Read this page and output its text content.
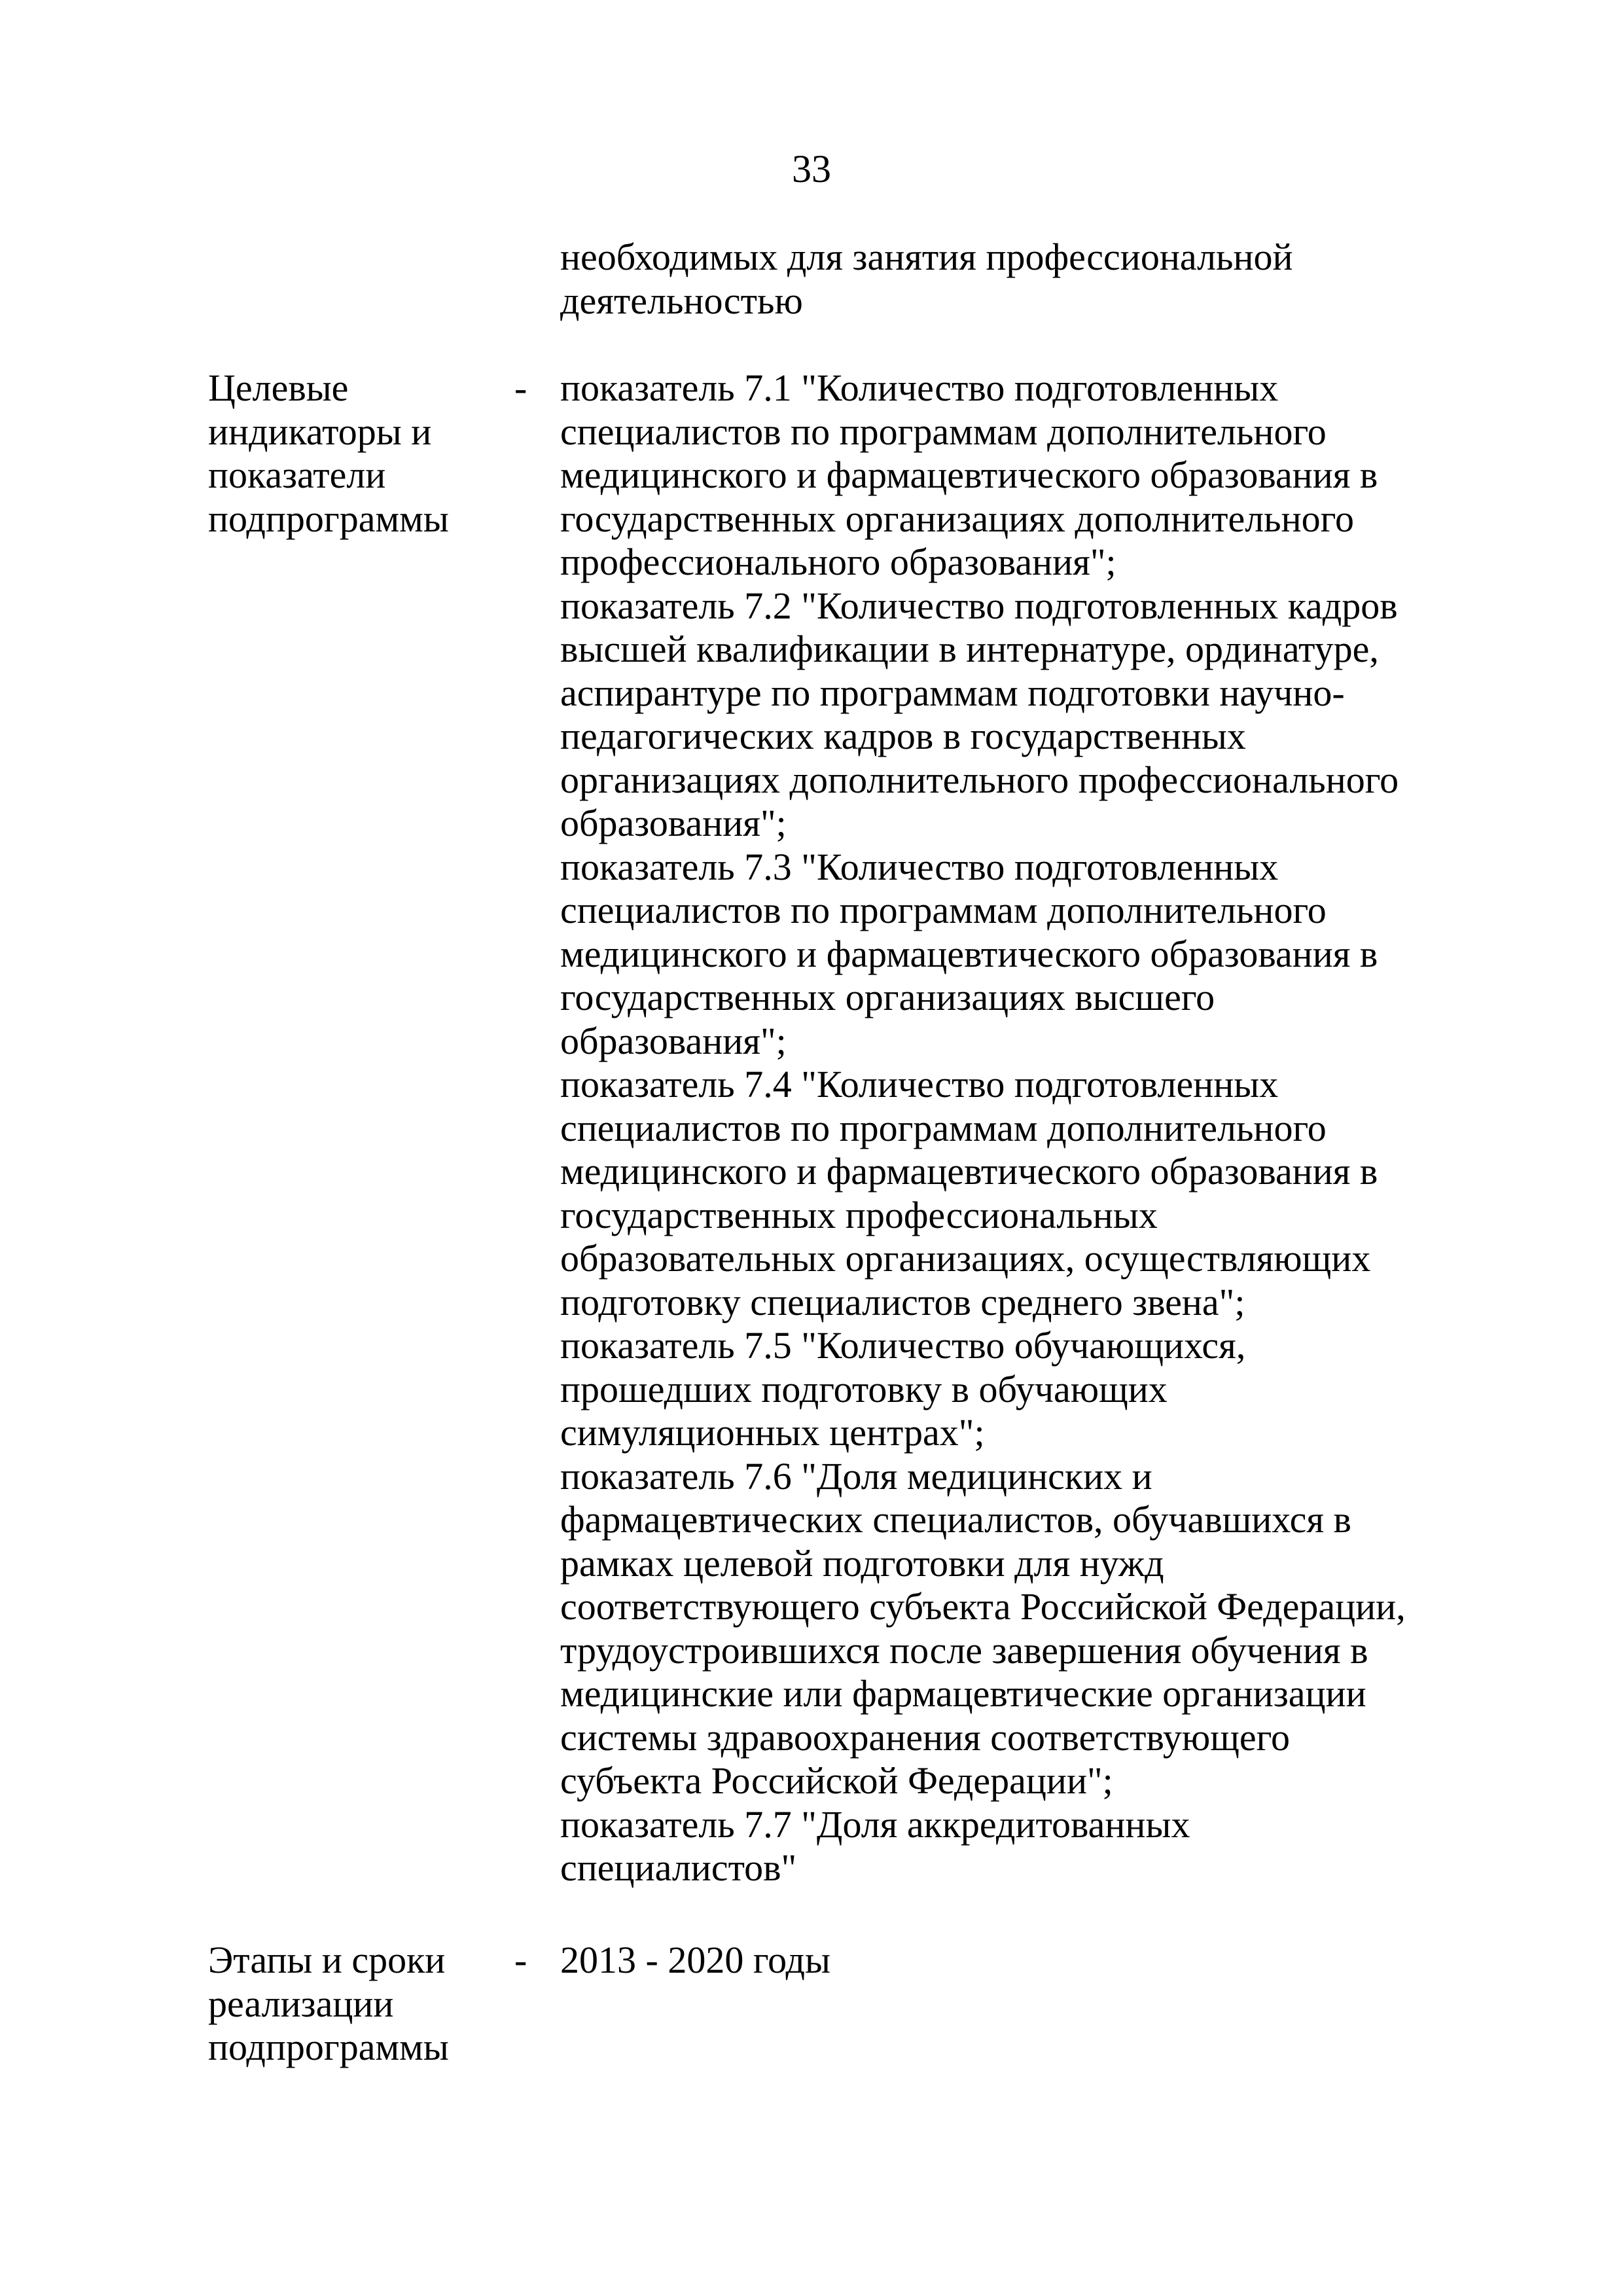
33
необходимых для занятия профессиональной
деятельностью
Целевые
индикаторы и
показатели
подпрограммы
- показатель 7.1 "Количество подготовленных
специалистов по программам дополнительного
медицинского и фармацевтического образования в
государственных организациях дополнительного
профессионального образования";
показатель 7.2 "Количество подготовленных кадров
высшей квалификации в интернатуре, ординатуре,
аспирантуре по программам подготовки научно-
педагогических кадров в государственных
организациях дополнительного профессионального
образования";
показатель 7.3 "Количество подготовленных
специалистов по программам дополнительного
медицинского и фармацевтического образования в
государственных организациях высшего
образования";
показатель 7.4 "Количество подготовленных
специалистов по программам дополнительного
медицинского и фармацевтического образования в
государственных профессиональных
образовательных организациях, осуществляющих
подготовку специалистов среднего звена";
показатель 7.5 "Количество обучающихся,
прошедших подготовку в обучающих
симуляционных центрах";
показатель 7.6 "Доля медицинских и
фармацевтических специалистов, обучавшихся в
рамках целевой подготовки для нужд
соответствующего субъекта Российской Федерации,
трудоустроившихся после завершения обучения в
медицинские или фармацевтические организации
системы здравоохранения соответствующего
субъекта Российской Федерации";
показатель 7.7 "Доля аккредитованных
специалистов"
Этапы и сроки
реализации
подпрограммы
- 2013 - 2020 годы
